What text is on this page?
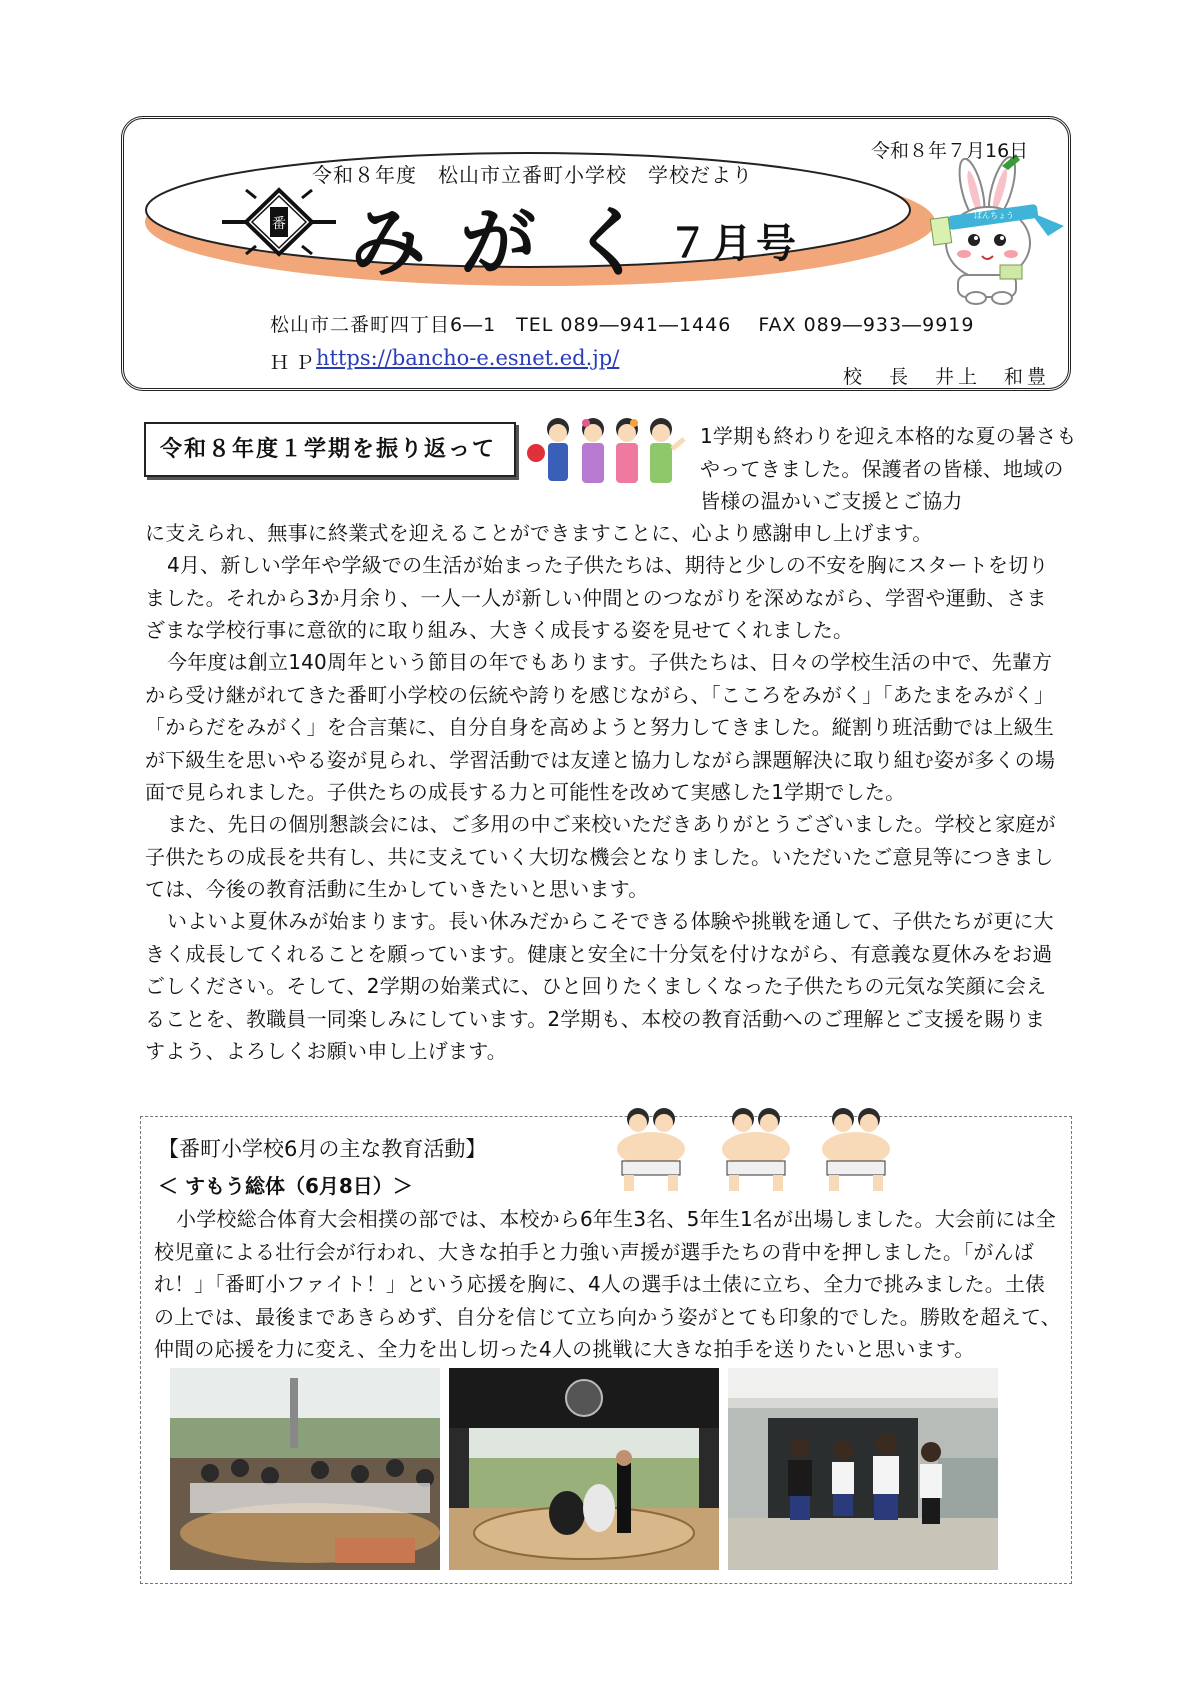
番
ばんちょう
令和８年７月16日
令和８年度　松山市立番町小学校　学校だより
みがく
７月号
松山市二番町四丁目6―1　TEL 089―941―1446　 FAX 089―933―9919
ＨＰ
https://bancho-e.esnet.ed.jp/
校　長　井上　和豊
令和８年度１学期を振り返って
1学期も終わりを迎え本格的な夏の暑さもやってきました。保護者の皆様、地域の皆様の温かいご支援とご協力
に支えられ、無事に終業式を迎えることができますことに、心より感謝申し上げます。
4月、新しい学年や学級での生活が始まった子供たちは、期待と少しの不安を胸にスタートを切りました。それから3か月余り、一人一人が新しい仲間とのつながりを深めながら、学習や運動、さまざまな学校行事に意欲的に取り組み、大きく成長する姿を見せてくれました。
今年度は創立140周年という節目の年でもあります。子供たちは、日々の学校生活の中で、先輩方から受け継がれてきた番町小学校の伝統や誇りを感じながら、「こころをみがく」「あたまをみがく」「からだをみがく」を合言葉に、自分自身を高めようと努力してきました。縦割り班活動では上級生が下級生を思いやる姿が見られ、学習活動では友達と協力しながら課題解決に取り組む姿が多くの場面で見られました。子供たちの成長する力と可能性を改めて実感した1学期でした。
また、先日の個別懇談会には、ご多用の中ご来校いただきありがとうございました。学校と家庭が子供たちの成長を共有し、共に支えていく大切な機会となりました。いただいたご意見等につきましては、今後の教育活動に生かしていきたいと思います。
いよいよ夏休みが始まります。長い休みだからこそできる体験や挑戦を通して、子供たちが更に大きく成長してくれることを願っています。健康と安全に十分気を付けながら、有意義な夏休みをお過ごしください。そして、2学期の始業式に、ひと回りたくましくなった子供たちの元気な笑顔に会えることを、教職員一同楽しみにしています。2学期も、本校の教育活動へのご理解とご支援を賜りますよう、よろしくお願い申し上げます。
【番町小学校6月の主な教育活動】
＜ すもう総体（6月8日）＞
小学校総合体育大会相撲の部では、本校から6年生3名、5年生1名が出場しました。大会前には全校児童による壮行会が行われ、大きな拍手と力強い声援が選手たちの背中を押しました。「がんばれ！」「番町小ファイト！」という応援を胸に、4人の選手は土俵に立ち、全力で挑みました。土俵の上では、最後まであきらめず、自分を信じて立ち向かう姿がとても印象的でした。勝敗を超えて、仲間の応援を力に変え、全力を出し切った4人の挑戦に大きな拍手を送りたいと思います。
